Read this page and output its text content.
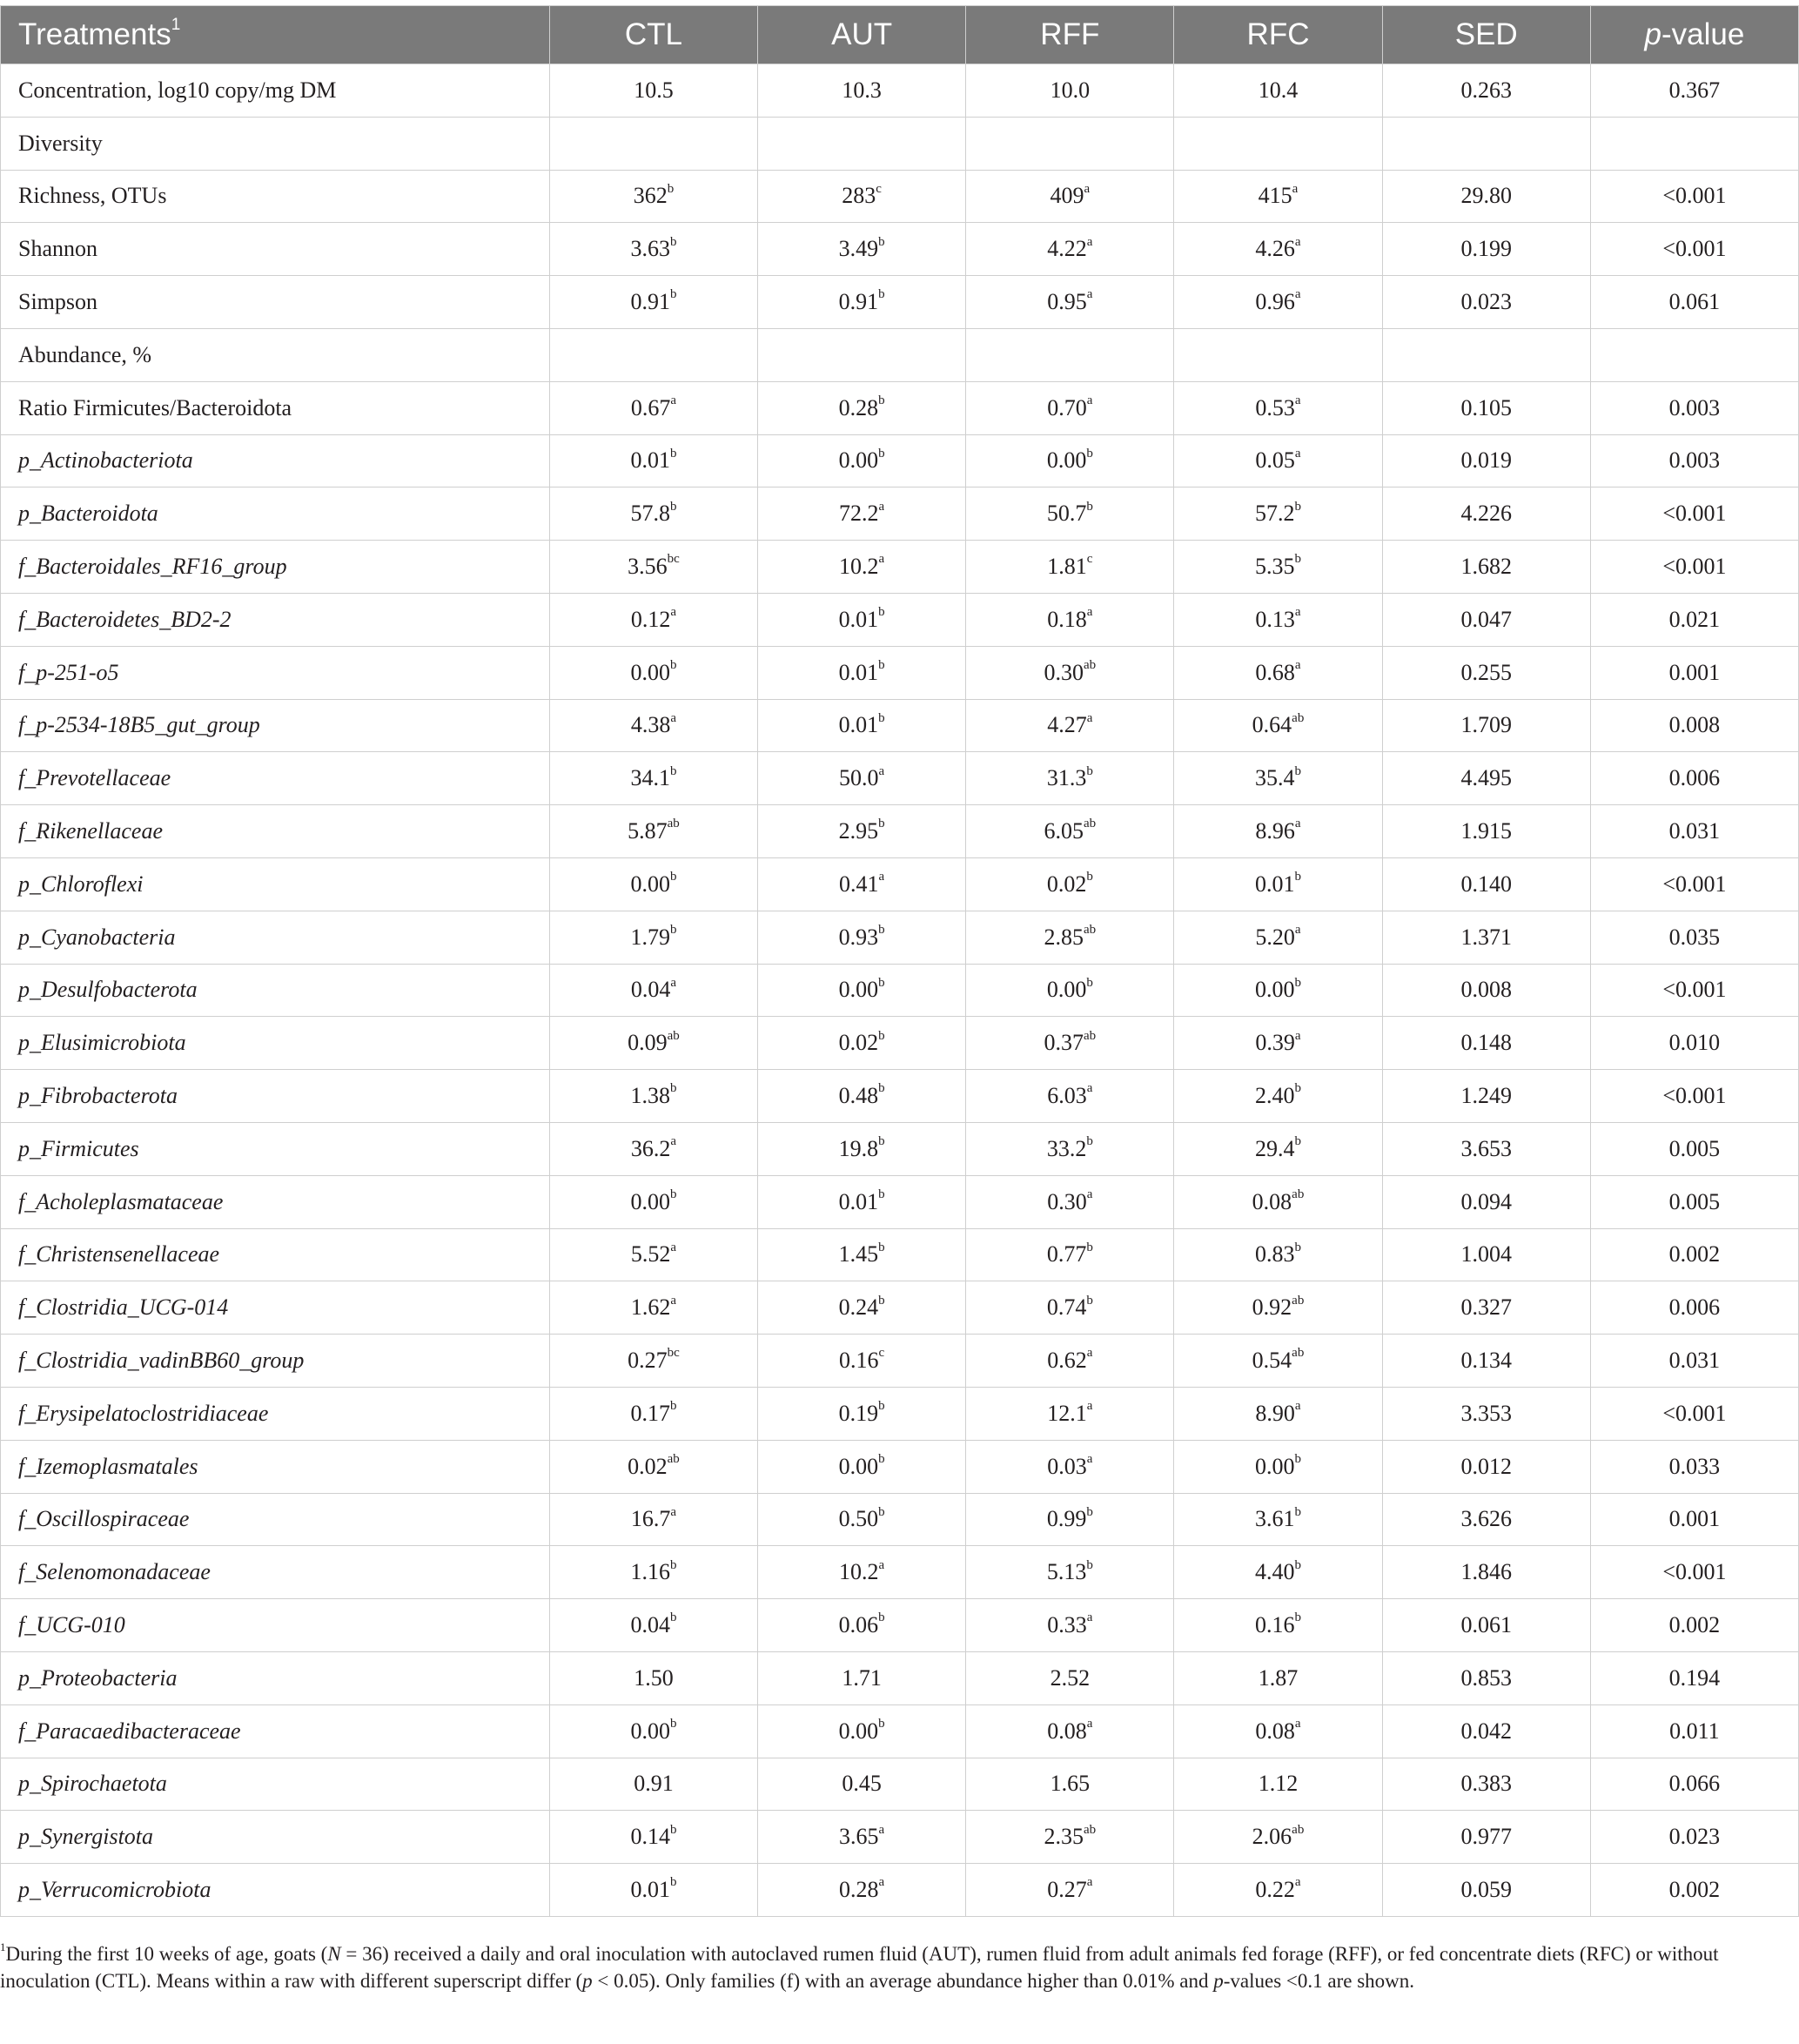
Treatments$^1$	CTL	AUT	RFF	RFC	SED	p-value
Concentration, log10 copy/mg DM	10.5	10.3	10.0	10.4	0.263	0.367
Diversity						
Richness, OTUs	362$^b$	283$^c$	409$^a$	415$^a$	29.80	<0.001
Shannon	3.63$^b$	3.49$^b$	4.22$^a$	4.26$^a$	0.199	<0.001
Simpson	0.91$^b$	0.91$^b$	0.95$^a$	0.96$^a$	0.023	0.061
Abundance, %						
Ratio Firmicutes/Bacteroidota	0.67$^a$	0.28$^b$	0.70$^a$	0.53$^a$	0.105	0.003
p_Actinobacteriota	0.01$^b$	0.00$^b$	0.00$^b$	0.05$^a$	0.019	0.003
p_Bacteroidota	57.8$^b$	72.2$^a$	50.7$^b$	57.2$^b$	4.226	<0.001
f_Bacteroidales_RF16_group	3.56$^{bc}$	10.2$^a$	1.81$^c$	5.35$^b$	1.682	<0.001
f_Bacteroidetes_BD2-2	0.12$^a$	0.01$^b$	0.18$^a$	0.13$^a$	0.047	0.021
f_p-251-o5	0.00$^b$	0.01$^b$	0.30$^{ab}$	0.68$^a$	0.255	0.001
f_p-2534-18B5_gut_group	4.38$^a$	0.01$^b$	4.27$^a$	0.64$^{ab}$	1.709	0.008
f_Prevotellaceae	34.1$^b$	50.0$^a$	31.3$^b$	35.4$^b$	4.495	0.006
f_Rikenellaceae	5.87$^{ab}$	2.95$^b$	6.05$^{ab}$	8.96$^a$	1.915	0.031
p_Chloroflexi	0.00$^b$	0.41$^a$	0.02$^b$	0.01$^b$	0.140	<0.001
p_Cyanobacteria	1.79$^b$	0.93$^b$	2.85$^{ab}$	5.20$^a$	1.371	0.035
p_Desulfobacterota	0.04$^a$	0.00$^b$	0.00$^b$	0.00$^b$	0.008	<0.001
p_Elusimicrobiota	0.09$^{ab}$	0.02$^b$	0.37$^{ab}$	0.39$^a$	0.148	0.010
p_Fibrobacterota	1.38$^b$	0.48$^b$	6.03$^a$	2.40$^b$	1.249	<0.001
p_Firmicutes	36.2$^a$	19.8$^b$	33.2$^b$	29.4$^b$	3.653	0.005
f_Acholeplasmataceae	0.00$^b$	0.01$^b$	0.30$^a$	0.08$^{ab}$	0.094	0.005
f_Christensenellaceae	5.52$^a$	1.45$^b$	0.77$^b$	0.83$^b$	1.004	0.002
f_Clostridia_UCG-014	1.62$^a$	0.24$^b$	0.74$^b$	0.92$^{ab}$	0.327	0.006
f_Clostridia_vadinBB60_group	0.27$^{bc}$	0.16$^c$	0.62$^a$	0.54$^{ab}$	0.134	0.031
f_Erysipelatoclostridiaceae	0.17$^b$	0.19$^b$	12.1$^a$	8.90$^a$	3.353	<0.001
f_Izemoplasmatales	0.02$^{ab}$	0.00$^b$	0.03$^a$	0.00$^b$	0.012	0.033
f_Oscillospiraceae	16.7$^a$	0.50$^b$	0.99$^b$	3.61$^b$	3.626	0.001
f_Selenomonadaceae	1.16$^b$	10.2$^a$	5.13$^b$	4.40$^b$	1.846	<0.001
f_UCG-010	0.04$^b$	0.06$^b$	0.33$^a$	0.16$^b$	0.061	0.002
p_Proteobacteria	1.50	1.71	2.52	1.87	0.853	0.194
f_Paracaedibacteraceae	0.00$^b$	0.00$^b$	0.08$^a$	0.08$^a$	0.042	0.011
p_Spirochaetota	0.91	0.45	1.65	1.12	0.383	0.066
p_Synergistota	0.14$^b$	3.65$^a$	2.35$^{ab}$	2.06$^{ab}$	0.977	0.023
p_Verrucomicrobiota	0.01$^b$	0.28$^a$	0.27$^a$	0.22$^a$	0.059	0.002
$^1$During the first 10 weeks of age, goats (N = 36) received a daily and oral inoculation with autoclaved rumen fluid (AUT), rumen fluid from adult animals fed forage (RFF), or fed concentrate diets (RFC) or without inoculation (CTL). Means within a raw with different superscript differ (p < 0.05). Only families (f) with an average abundance higher than 0.01% and p-values <0.1 are shown.
